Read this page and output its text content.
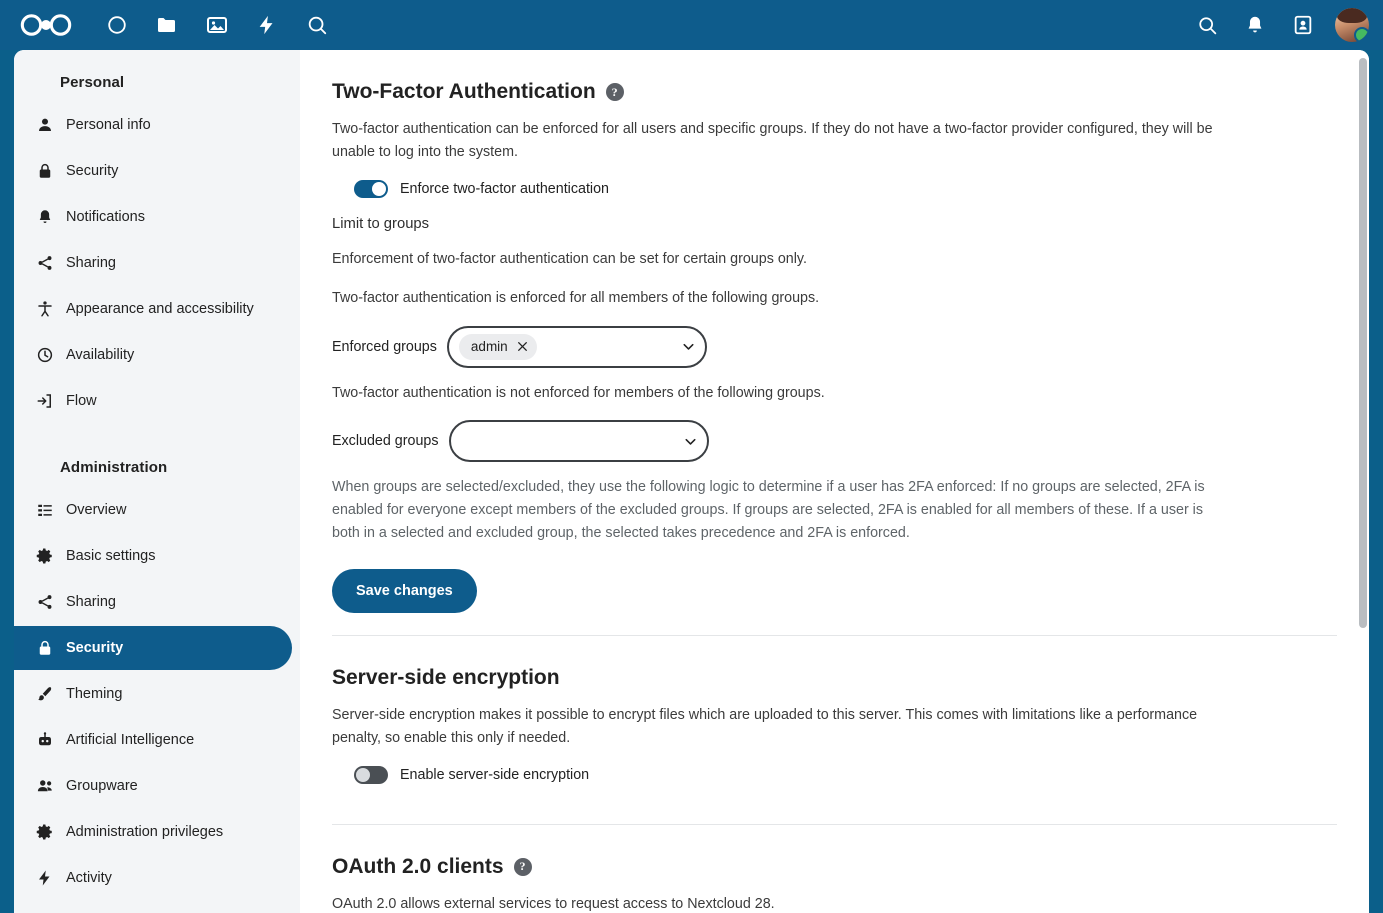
Personal
Personal info
Security
Notifications
Sharing
Appearance and accessibility
Availability
Flow
Administration
Overview
Basic settings
Sharing
Security
Theming
Artificial Intelligence
Groupware
Administration privileges
Activity
Two-Factor Authentication	?

Two-factor authentication can be enforced for all users and specific groups. If they do not have a two-factor provider configured, they will be unable to log into the system.

Enforce two-factor authentication
Limit to groups

Enforcement of two-factor authentication can be set for certain groups only.

Two-factor authentication is enforced for all members of the following groups.

Enforced groups	admin

Two-factor authentication is not enforced for members of the following groups.

Excluded groups

When groups are selected/excluded, they use the following logic to determine if a user has 2FA enforced: If no groups are selected, 2FA is enabled for everyone except members of the excluded groups. If groups are selected, 2FA is enabled for all members of these. If a user is both in a selected and excluded group, the selected takes precedence and 2FA is enforced.

Save changes
Server-side encryption

Server-side encryption makes it possible to encrypt files which are uploaded to this server. This comes with limitations like a performance penalty, so enable this only if needed.

Enable server-side encryption
OAuth 2.0 clients	?

OAuth 2.0 allows external services to request access to Nextcloud 28.
